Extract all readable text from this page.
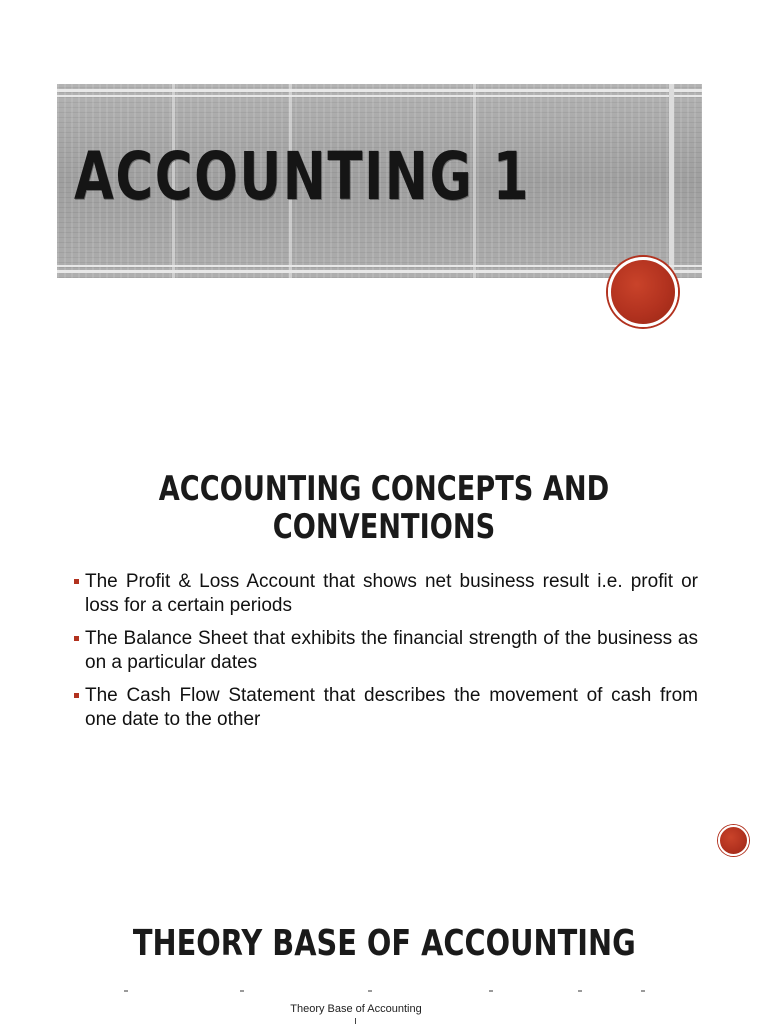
ACCOUNTING 1
ACCOUNTING CONCEPTS AND
CONVENTIONS
The Profit & Loss Account that shows net business result i.e. profit or loss for a certain periods
The Balance Sheet that exhibits the financial strength of the business as on a particular dates
The Cash Flow Statement that describes the movement of cash from one date to the other
THEORY BASE OF ACCOUNTING
Theory Base of Accounting
